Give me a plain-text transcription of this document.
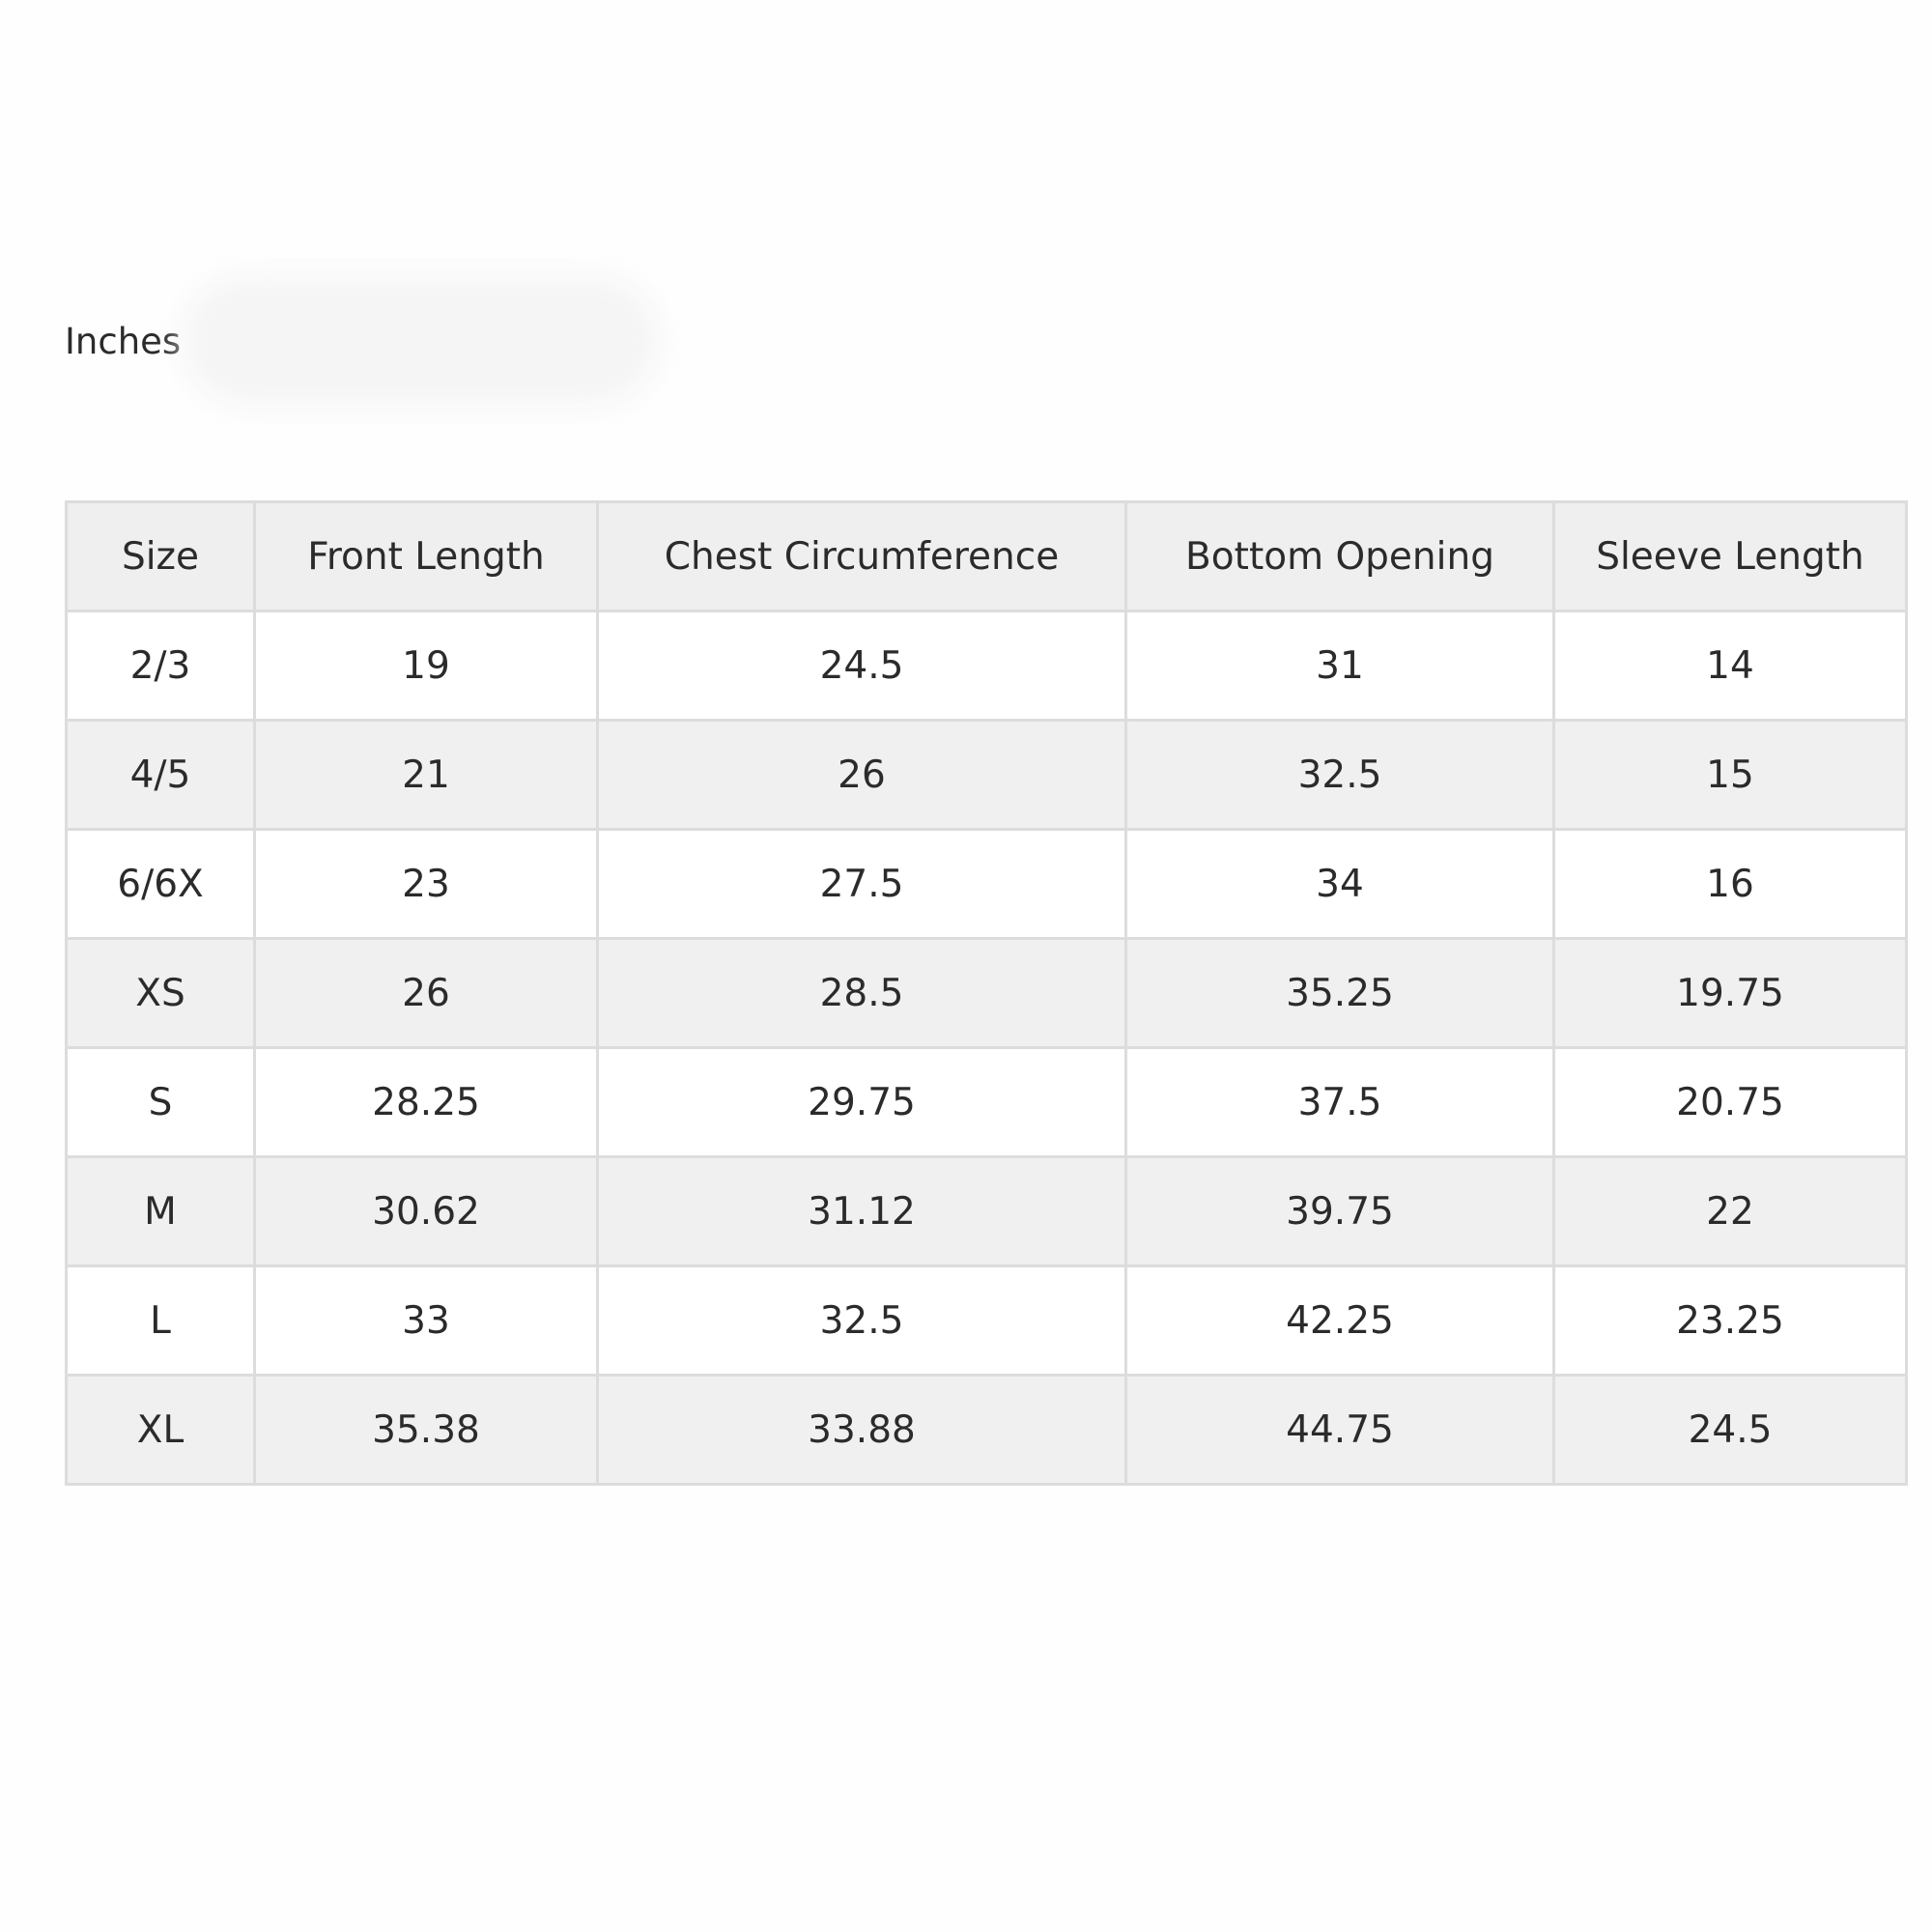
Inches
Size	Front Length	Chest Circumference	Bottom Opening	Sleeve Length
2/3	19	24.5	31	14
4/5	21	26	32.5	15
6/6X	23	27.5	34	16
XS	26	28.5	35.25	19.75
S	28.25	29.75	37.5	20.75
M	30.62	31.12	39.75	22
L	33	32.5	42.25	23.25
XL	35.38	33.88	44.75	24.5
